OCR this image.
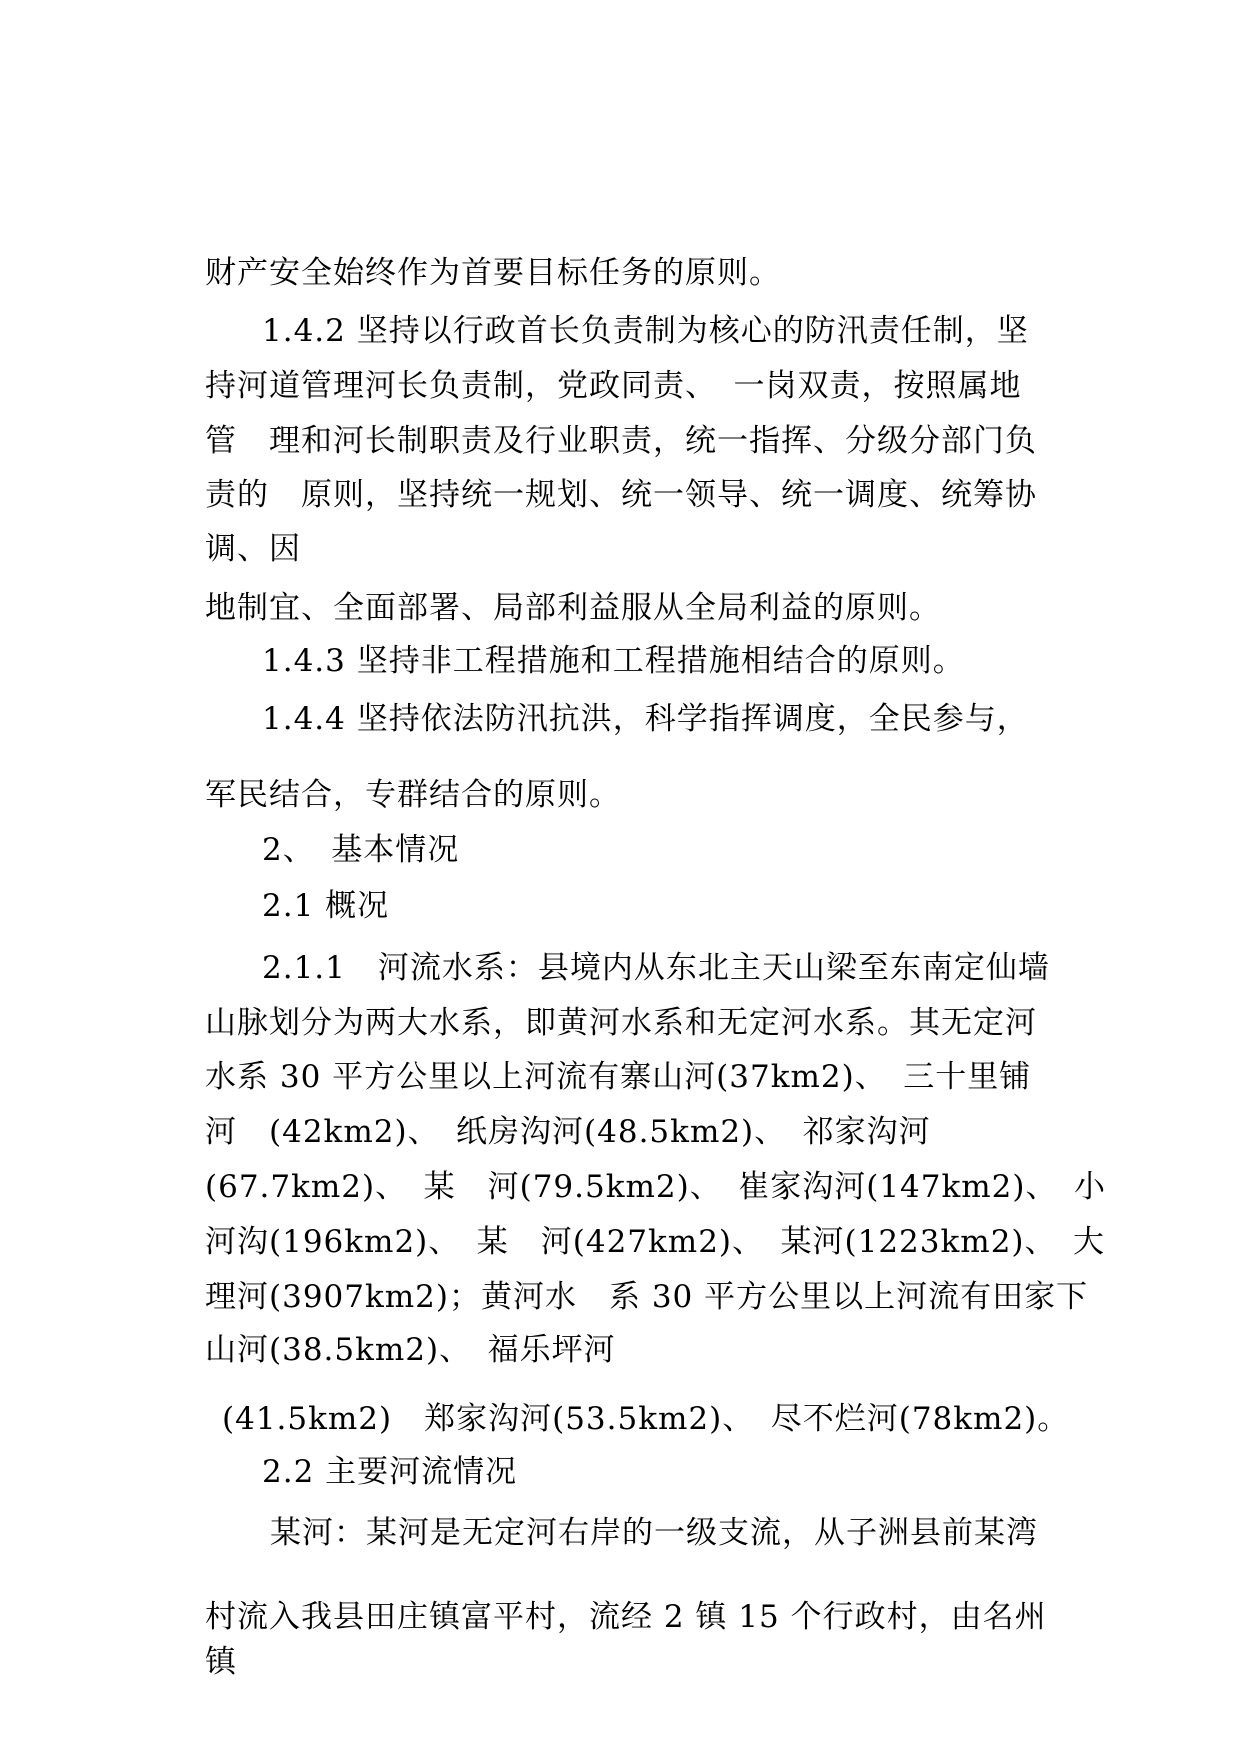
财产安全始终作为首要目标任务的原则。
1.4.2 坚持以行政首长负责制为核心的防汛责任制，坚
持河道管理河长负责制，党政同责、　一岗双责，按照属地
管　理和河长制职责及行业职责，统一指挥、分级分部门负
责的　原则，坚持统一规划、统一领导、统一调度、统筹协
调、因
地制宜、全面部署、局部利益服从全局利益的原则。
1.4.3 坚持非工程措施和工程措施相结合的原则。
1.4.4 坚持依法防汛抗洪，科学指挥调度，全民参与，
军民结合，专群结合的原则。
2、　基本情况
2.1 概况
2.1.1　河流水系：县境内从东北主天山梁至东南定仙墙
山脉划分为两大水系，即黄河水系和无定河水系。其无定河
水系 30 平方公里以上河流有寨山河(37km2)、　三十里铺
河　(42km2)、　纸房沟河(48.5km2)、　祁家沟河
(67.7km2)、　某　河(79.5km2)、　崔家沟河(147km2)、　小
河沟(196km2)、　某　河(427km2)、　某河(1223km2)、　大
理河(3907km2)；黄河水　系 30 平方公里以上河流有田家下
山河(38.5km2)、　福乐坪河
(41.5km2)　郑家沟河(53.5km2)、　尽不烂河(78km2)。
2.2 主要河流情况
某河：某河是无定河右岸的一级支流，从子洲县前某湾
村流入我县田庄镇富平村，流经 2 镇 15 个行政村，由名州
镇
